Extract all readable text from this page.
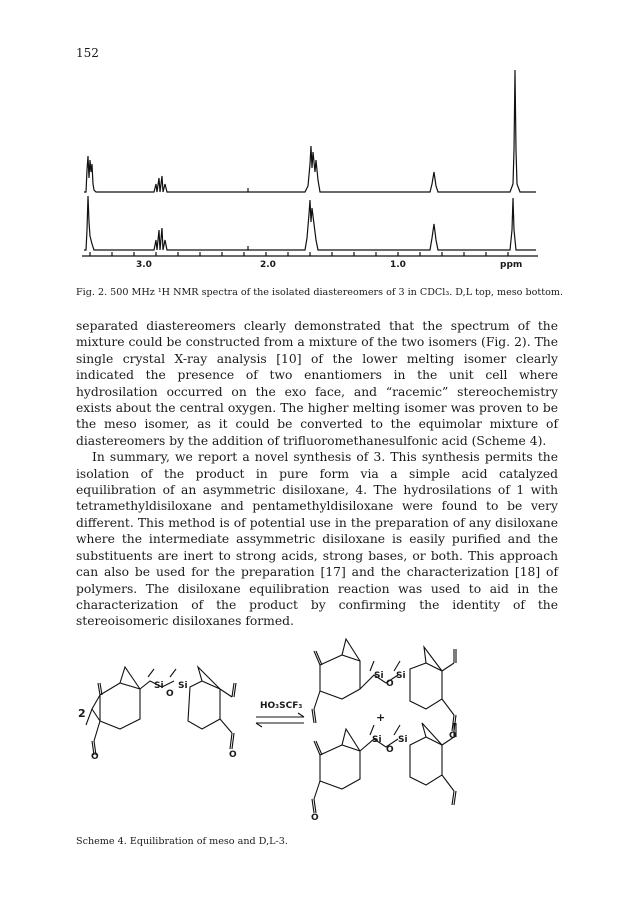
152
3.0	2.0	1.0	ppm
Fig. 2. 500 MHz ¹H NMR spectra of the isolated diastereomers of 3 in CDCl₃. D,L top, meso bottom.

separated diastereomers clearly demonstrated that the spectrum of the mixture could be constructed from a mixture of the two isomers (Fig. 2). The single crystal X-ray analysis [10] of the lower melting isomer clearly indicated the presence of two enantiomers in the unit cell where hydrosilation occurred on the exo face, and “racemic” stereochemistry exists about the central oxygen. The higher melting isomer was proven to be the meso isomer, as it could be converted to the equimolar mixture of diastereomers by the addition of trifluoromethanesulfonic acid (Scheme 4).

In summary, we report a novel synthesis of 3. This synthesis permits the isolation of the product in pure form via a simple acid catalyzed equilibration of an asymmetric disiloxane, 4. The hydrosilations of 1 with tetramethyldisiloxane and pentamethyldisiloxane were found to be very different. This method is of potential use in the preparation of any disiloxane where the intermediate assymmetric disiloxane is easily purified and the substituents are inert to strong acids, strong bases, or both. This approach can also be used for the preparation [17] and the characterization [18] of polymers. The disiloxane equilibration reaction was used to aid in the characterization of the product by confirming the identity of the stereoisomeric disiloxanes formed.

2
HO₃SCF₃
+
Si
O
Si
O	O
Si
O
Si
Si
O
Si	O
O
Scheme 4. Equilibration of meso and D,L-3.
